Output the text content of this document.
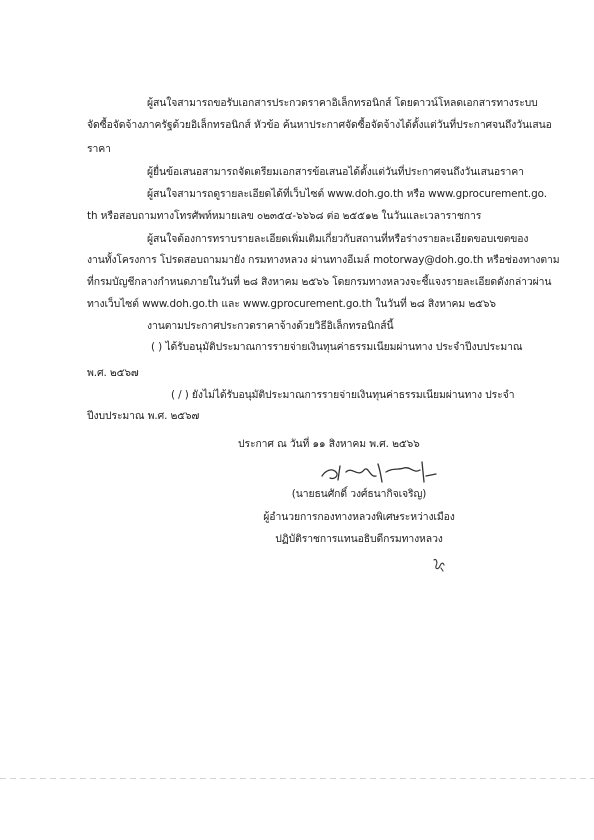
ผู้สนใจสามารถขอรับเอกสารประกวดราคาอิเล็กทรอนิกส์ โดยดาวน์โหลดเอกสารทางระบบ
จัดซื้อจัดจ้างภาครัฐด้วยอิเล็กทรอนิกส์ หัวข้อ ค้นหาประกาศจัดซื้อจัดจ้างได้ตั้งแต่วันที่ประกาศจนถึงวันเสนอ
ราคา
ผู้ยื่นข้อเสนอสามารถจัดเตรียมเอกสารข้อเสนอได้ตั้งแต่วันที่ประกาศจนถึงวันเสนอราคา
ผู้สนใจสามารถดูรายละเอียดได้ที่เว็บไซต์ www.doh.go.th หรือ www.gprocurement.go.
th หรือสอบถามทางโทรศัพท์หมายเลข ๐๒๓๕๔-๖๖๖๘ ต่อ ๒๕๕๑๒ ในวันและเวลาราชการ
ผู้สนใจต้องการทราบรายละเอียดเพิ่มเติมเกี่ยวกับสถานที่หรือร่างรายละเอียดขอบเขตของ
งานทั้งโครงการ โปรดสอบถามมายัง กรมทางหลวง ผ่านทางอีเมล์ motorway@doh.go.th หรือช่องทางตาม
ที่กรมบัญชีกลางกำหนดภายในวันที่ ๒๘ สิงหาคม ๒๕๖๖ โดยกรมทางหลวงจะชี้แจงรายละเอียดดังกล่าวผ่าน
ทางเว็บไซต์ www.doh.go.th และ www.gprocurement.go.th ในวันที่ ๒๘ สิงหาคม ๒๕๖๖
งานตามประกาศประกวดราคาจ้างด้วยวิธีอิเล็กทรอนิกส์นี้
( ) ได้รับอนุมัติประมาณการรายจ่ายเงินทุนค่าธรรมเนียมผ่านทาง ประจำปีงบประมาณ
พ.ศ. ๒๕๖๗
( / ) ยังไม่ได้รับอนุมัติประมาณการรายจ่ายเงินทุนค่าธรรมเนียมผ่านทาง ประจำ
ปีงบประมาณ พ.ศ. ๒๕๖๗
ประกาศ ณ วันที่ ๑๑ สิงหาคม พ.ศ. ๒๕๖๖
(นายธนศักดิ์ วงศ์ธนากิจเจริญ)
ผู้อำนวยการกองทางหลวงพิเศษระหว่างเมือง
ปฏิบัติราชการแทนอธิบดีกรมทางหลวง
